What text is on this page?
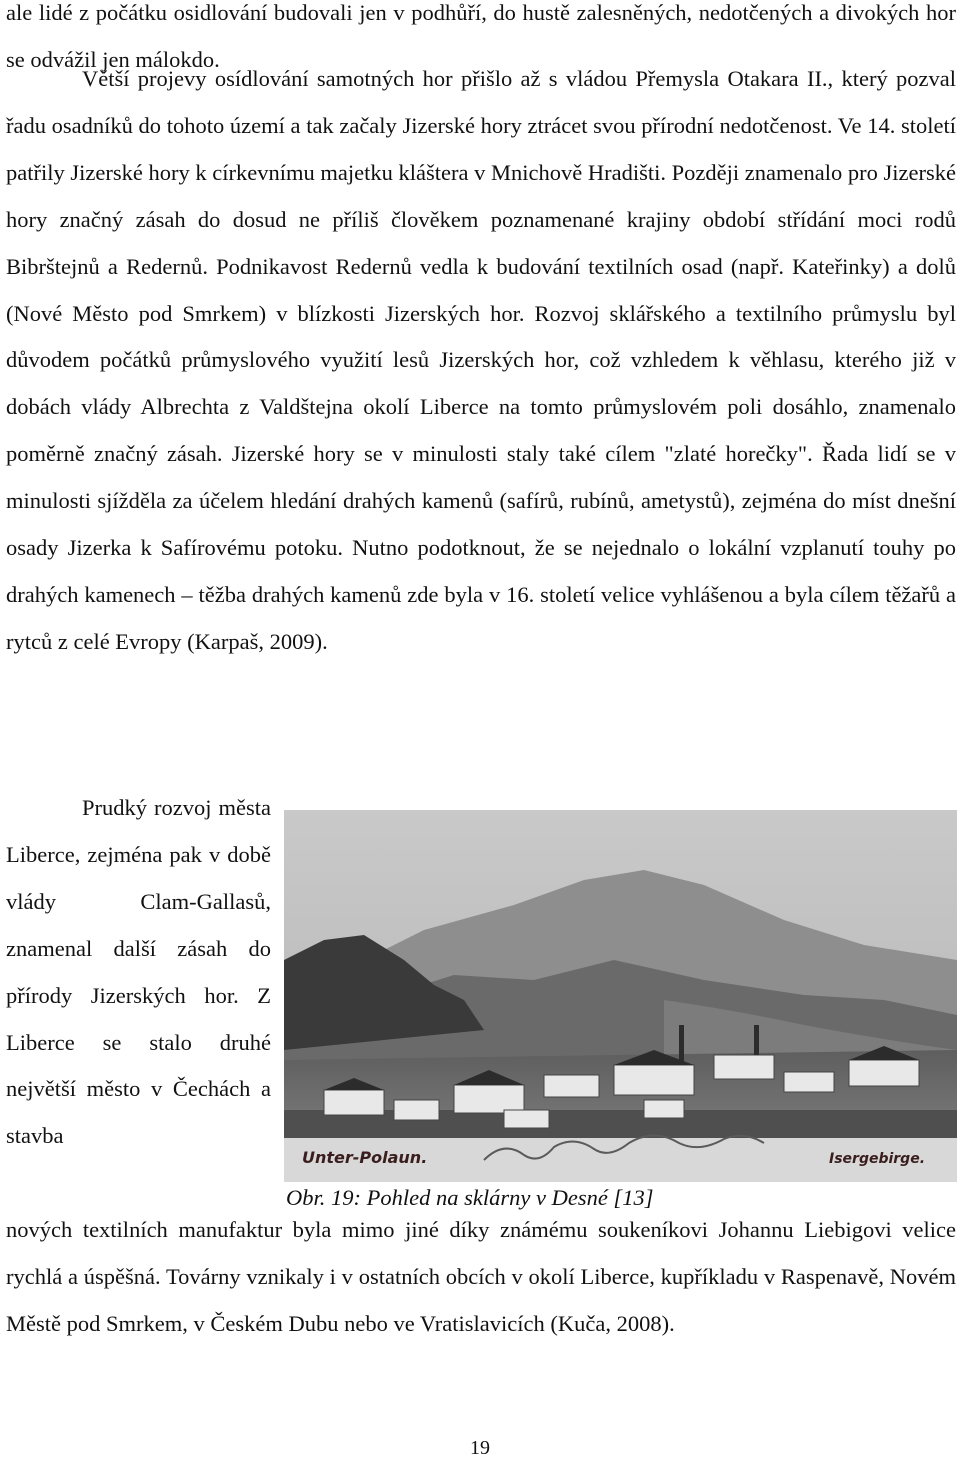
ale lidé z počátku osidlování budovali jen v podhůří, do hustě zalesněných, nedotčených a divokých hor se odvážil jen málokdo.

Větší projevy osídlování samotných hor přišlo až s vládou Přemysla Otakara II., který pozval řadu osadníků do tohoto území a tak začaly Jizerské hory ztrácet svou přírodní nedotčenost. Ve 14. století patřily Jizerské hory k církevnímu majetku kláštera v Mnichově Hradišti. Později znamenalo pro Jizerské hory značný zásah do dosud ne příliš člověkem poznamenané krajiny období střídání moci rodů Bibrštejnů a Redernů. Podnikavost Redernů vedla k budování textilních osad (např. Kateřinky) a dolů (Nové Město pod Smrkem) v blízkosti Jizerských hor. Rozvoj sklářského a textilního průmyslu byl důvodem počátků průmyslového využití lesů Jizerských hor, což vzhledem k věhlasu, kterého již v dobách vlády Albrechta z Valdštejna okolí Liberce na tomto průmyslovém poli dosáhlo, znamenalo poměrně značný zásah. Jizerské hory se v minulosti staly také cílem "zlaté horečky". Řada lidí se v minulosti sjížděla za účelem hledání drahých kamenů (safírů, rubínů, ametystů), zejména do míst dnešní osady Jizerka k Safírovému potoku. Nutno podotknout, že se nejednalo o lokální vzplanutí touhy po drahých kamenech – těžba drahých kamenů zde byla v 16. století velice vyhlášenou a byla cílem těžařů a rytců z celé Evropy (Karpaš, 2009).

Prudký rozvoj města Liberce, zejména pak v době vlády Clam-Gallasů, znamenal další zásah do přírody Jizerských hor. Z Liberce se stalo druhé největší město v Čechách a stavba

Unter-Polaun.	Isergebirge.
Obr. 19: Pohled na sklárny v Desné [13]

nových textilních manufaktur byla mimo jiné díky známému soukeníkovi Johannu Liebigovi velice rychlá a úspěšná. Továrny vznikaly i v ostatních obcích v okolí Liberce, kupříkladu v Raspenavě, Novém Městě pod Smrkem, v Českém Dubu nebo ve Vratislavicích (Kuča, 2008).

19
